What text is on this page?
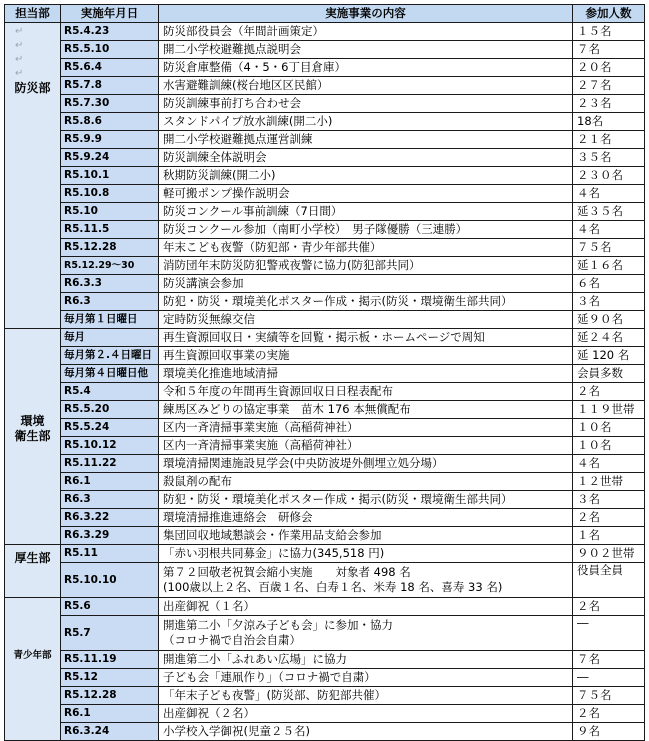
担当部	実施年月日	実施事業の内容	参加人数

↵
↵
↵
↵
防災部	R5.4.23	防災部役員会（年間計画策定）	１５名
	R5.5.10	開二小学校避難拠点説明会	７名
	R5.6.4	防災倉庫整備（4・5・6丁目倉庫）	２０名
	R5.7.8	水害避難訓練(桜台地区区民館）	２７名
	R5.7.30	防災訓練事前打ち合わせ会	２３名
	R5.8.6	スタンドパイプ放水訓練(開二小)	18名
	R5.9.9	開二小学校避難拠点運営訓練	２１名
	R5.9.24	防災訓練全体説明会	３５名
	R5.10.1	秋期防災訓練(開二小)	２３０名
	R5.10.8	軽可搬ポンプ操作説明会	４名
	R5.10	防災コンクール事前訓練（7日間）	延３５名
	R5.11.5	防災コンクール参加（南町小学校）　男子隊優勝（三連勝）	４名
	R5.12.28	年末こども夜警（防犯部・青少年部共催）	７５名
	R5.12.29～30	消防団年末防災防犯警戒夜警に協力(防犯部共同）	延１６名
	R6.3.3	防災講演会参加	６名
	R6.3	防犯・防災・環境美化ポスター作成・掲示(防災・環境衛生部共同）	３名
	毎月第１日曜日	定時防災無線交信	延９０名

環境
衛生部	毎月	再生資源回収日・実績等を回覧・掲示板・ホームページで周知	延２４名
	毎月第２.４日曜日	再生資源回収事業の実施	延 120 名
	毎月第４日曜日他	環境美化推進地域清掃	会員多数
	R5.4	令和５年度の年間再生資源回収日日程表配布	２名
	R5.5.20	練馬区みどりの協定事業　苗木 176 本無償配布	１１９世帯
	R5.5.24	区内一斉清掃事業実施（高稲荷神社）	１０名
	R5.10.12	区内一斉清掃事業実施（高稲荷神社）	１０名
	R5.11.22	環境清掃関連施設見学会(中央防波堤外側埋立処分場）	４名
	R6.1	殺鼠剤の配布	１２世帯
	R6.3	防犯・防災・環境美化ポスター作成・掲示(防災・環境衛生部共同）	３名
	R6.3.22	環境清掃推進連絡会　研修会	２名
	R6.3.29	集団回収地域懇談会・作業用品支給会参加	１名

厚生部	R5.11	「赤い羽根共同募金」に協力(345,518 円)	９０２世帯
	R5.10.10	第７２回敬老祝賀会縮小実施　　対象者 498 名
(100歳以上２名、百歳１名、白寿１名、米寿 18 名、喜寿 33 名)	役員全員

青少年部	R5.6	出産御祝（１名）	２名
	R5.7	開進第二小「夕涼み子ども会」に参加・協力
（コロナ禍で自治会自粛）	―
	R5.11.19	開進第二小「ふれあい広場」に協力	７名
	R5.12	子ども会「連凧作り」（コロナ禍で自粛）	―
	R5.12.28	「年末子ども夜警」(防災部、防犯部共催）	７５名
	R6.1	出産御祝（２名）	２名
	R6.3.24	小学校入学御祝(児童２５名)	９名
